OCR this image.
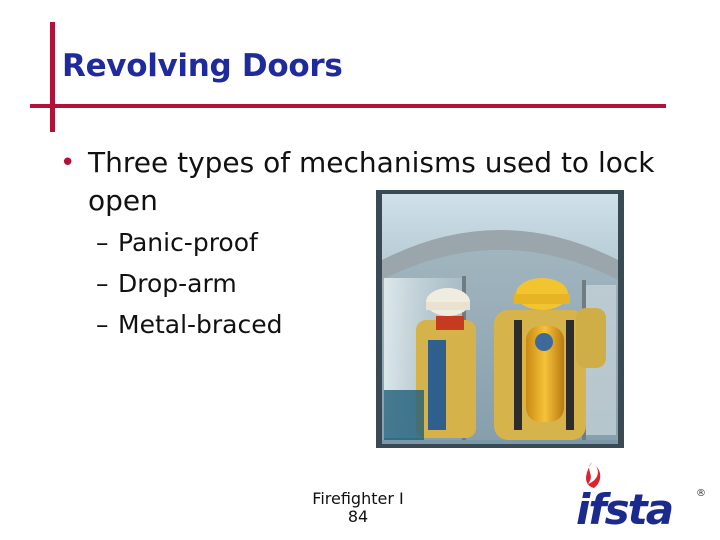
Revolving Doors
• Three types of mechanisms used to lock open
– Panic-proof
– Drop-arm
– Metal-braced
Firefighter I
84	ifsta ®
